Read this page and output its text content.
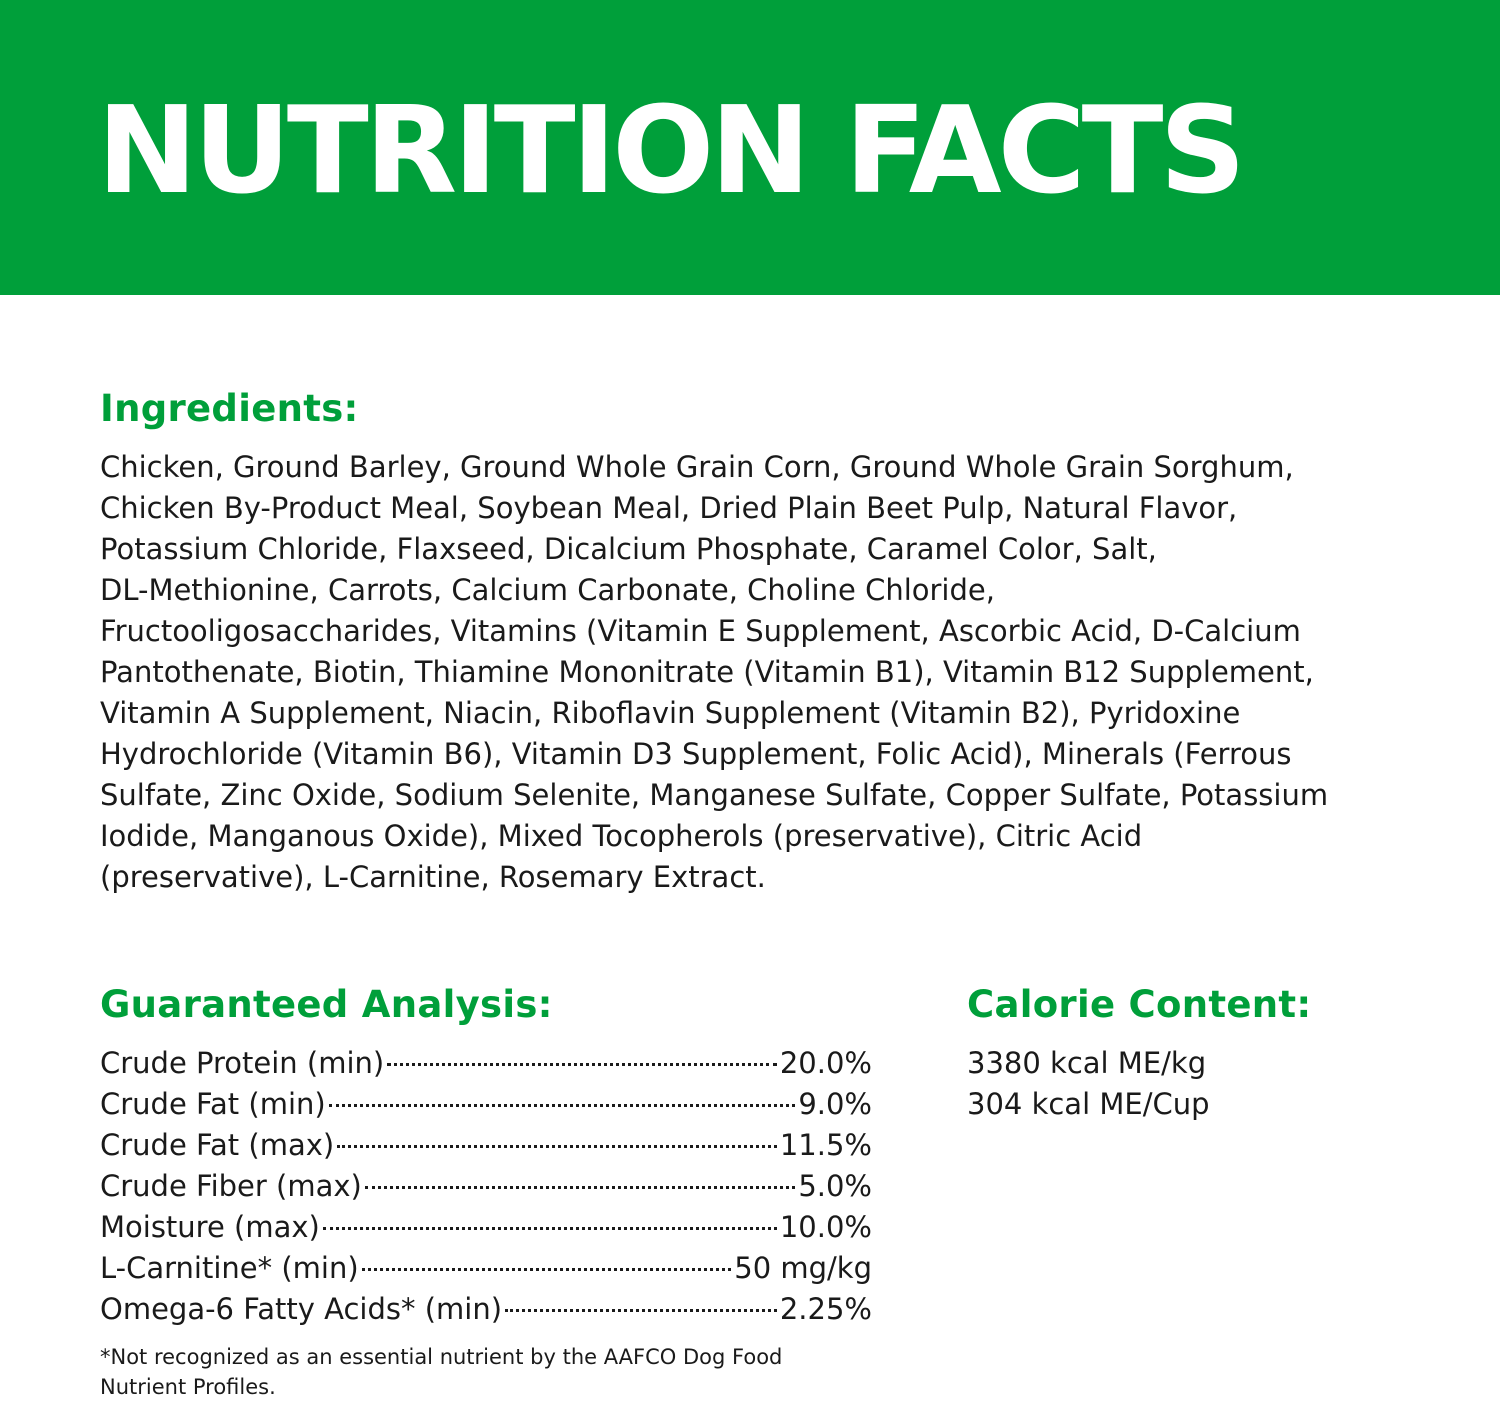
NUTRITION FACTS
Ingredients:

Chicken, Ground Barley, Ground Whole Grain Corn, Ground Whole Grain Sorghum,
Chicken By-Product Meal, Soybean Meal, Dried Plain Beet Pulp, Natural Flavor,
Potassium Chloride, Flaxseed, Dicalcium Phosphate, Caramel Color, Salt,
DL-Methionine, Carrots, Calcium Carbonate, Choline Chloride,
Fructooligosaccharides, Vitamins (Vitamin E Supplement, Ascorbic Acid, D-Calcium
Pantothenate, Biotin, Thiamine Mononitrate (Vitamin B1), Vitamin B12 Supplement,
Vitamin A Supplement, Niacin, Riboflavin Supplement (Vitamin B2), Pyridoxine
Hydrochloride (Vitamin B6), Vitamin D3 Supplement, Folic Acid), Minerals (Ferrous
Sulfate, Zinc Oxide, Sodium Selenite, Manganese Sulfate, Copper Sulfate, Potassium
Iodide, Manganous Oxide), Mixed Tocopherols (preservative), Citric Acid
(preservative), L-Carnitine, Rosemary Extract.

Guaranteed Analysis:
Crude Protein (min)	20.0%
Crude Fat (min)	9.0%
Crude Fat (max)	11.5%
Crude Fiber (max)	5.0%
Moisture (max)	10.0%
L-Carnitine* (min)	50 mg/kg
Omega-6 Fatty Acids* (min)	2.25%

*Not recognized as an essential nutrient by the AAFCO Dog Food
Nutrient Profiles.

Calorie Content:
3380 kcal ME/kg
304 kcal ME/Cup
